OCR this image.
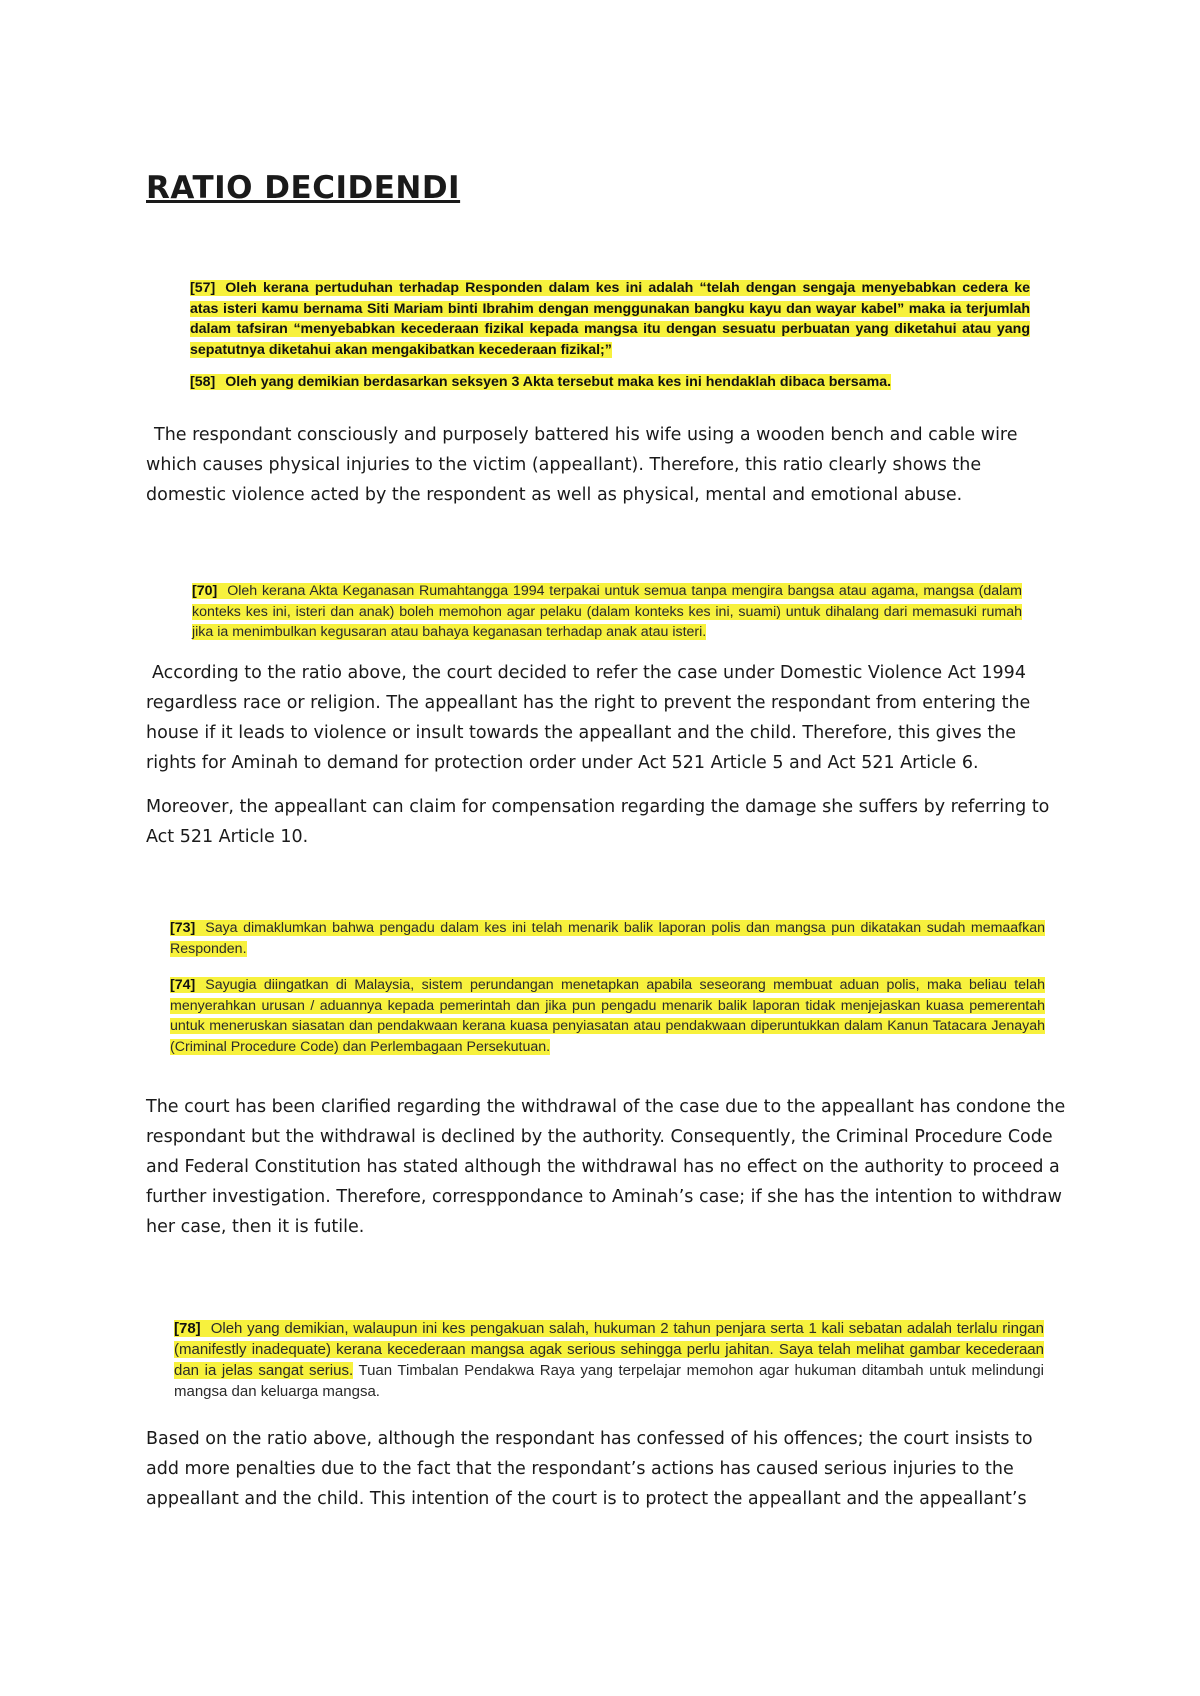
RATIO DECIDENDI

[57] Oleh kerana pertuduhan terhadap Responden dalam kes ini adalah “telah dengan sengaja menyebabkan cedera ke atas isteri kamu bernama Siti Mariam binti Ibrahim dengan menggunakan bangku kayu dan wayar kabel” maka ia terjumlah dalam tafsiran “menyebabkan kecederaan fizikal kepada mangsa itu dengan sesuatu perbuatan yang diketahui atau yang sepatutnya diketahui akan mengakibatkan kecederaan fizikal;”

[58] Oleh yang demikian berdasarkan seksyen 3 Akta tersebut maka kes ini hendaklah dibaca bersama.

The respondant consciously and purposely battered his wife using a wooden bench and cable wire which causes physical injuries to the victim (appeallant). Therefore, this ratio clearly shows the domestic violence acted by the respondent as well as physical, mental and emotional abuse.

[70] Oleh kerana Akta Keganasan Rumahtangga 1994 terpakai untuk semua tanpa mengira bangsa atau agama, mangsa (dalam konteks kes ini, isteri dan anak) boleh memohon agar pelaku (dalam konteks kes ini, suami) untuk dihalang dari memasuki rumah jika ia menimbulkan kegusaran atau bahaya keganasan terhadap anak atau isteri.

According to the ratio above, the court decided to refer the case under Domestic Violence Act 1994 regardless race or religion. The appeallant has the right to prevent the respondant from entering the house if it leads to violence or insult towards the appeallant and the child. Therefore, this gives the rights for Aminah to demand for protection order under Act 521 Article 5 and Act 521 Article 6.

Moreover, the appeallant can claim for compensation regarding the damage she suffers by referring to Act 521 Article 10.

[73] Saya dimaklumkan bahwa pengadu dalam kes ini telah menarik balik laporan polis dan mangsa pun dikatakan sudah memaafkan Responden.

[74] Sayugia diingatkan di Malaysia, sistem perundangan menetapkan apabila seseorang membuat aduan polis, maka beliau telah menyerahkan urusan / aduannya kepada pemerintah dan jika pun pengadu menarik balik laporan tidak menjejaskan kuasa pemerentah untuk meneruskan siasatan dan pendakwaan kerana kuasa penyiasatan atau pendakwaan diperuntukkan dalam Kanun Tatacara Jenayah (Criminal Procedure Code) dan Perlembagaan Persekutuan.

The court has been clarified regarding the withdrawal of the case due to the appeallant has condone the respondant but the withdrawal is declined by the authority. Consequently, the Criminal Procedure Code and Federal Constitution has stated although the withdrawal has no effect on the authority to proceed a further investigation. Therefore, corresppondance to Aminah’s case; if she has the intention to withdraw her case, then it is futile.

[78] Oleh yang demikian, walaupun ini kes pengakuan salah, hukuman 2 tahun penjara serta 1 kali sebatan adalah terlalu ringan (manifestly inadequate) kerana kecederaan mangsa agak serious sehingga perlu jahitan. Saya telah melihat gambar kecederaan dan ia jelas sangat serius. Tuan Timbalan Pendakwa Raya yang terpelajar memohon agar hukuman ditambah untuk melindungi mangsa dan keluarga mangsa.

Based on the ratio above, although the respondant has confessed of his offences; the court insists to add more penalties due to the fact that the respondant’s actions has caused serious injuries to the appeallant and the child. This intention of the court is to protect the appeallant and the appeallant’s
